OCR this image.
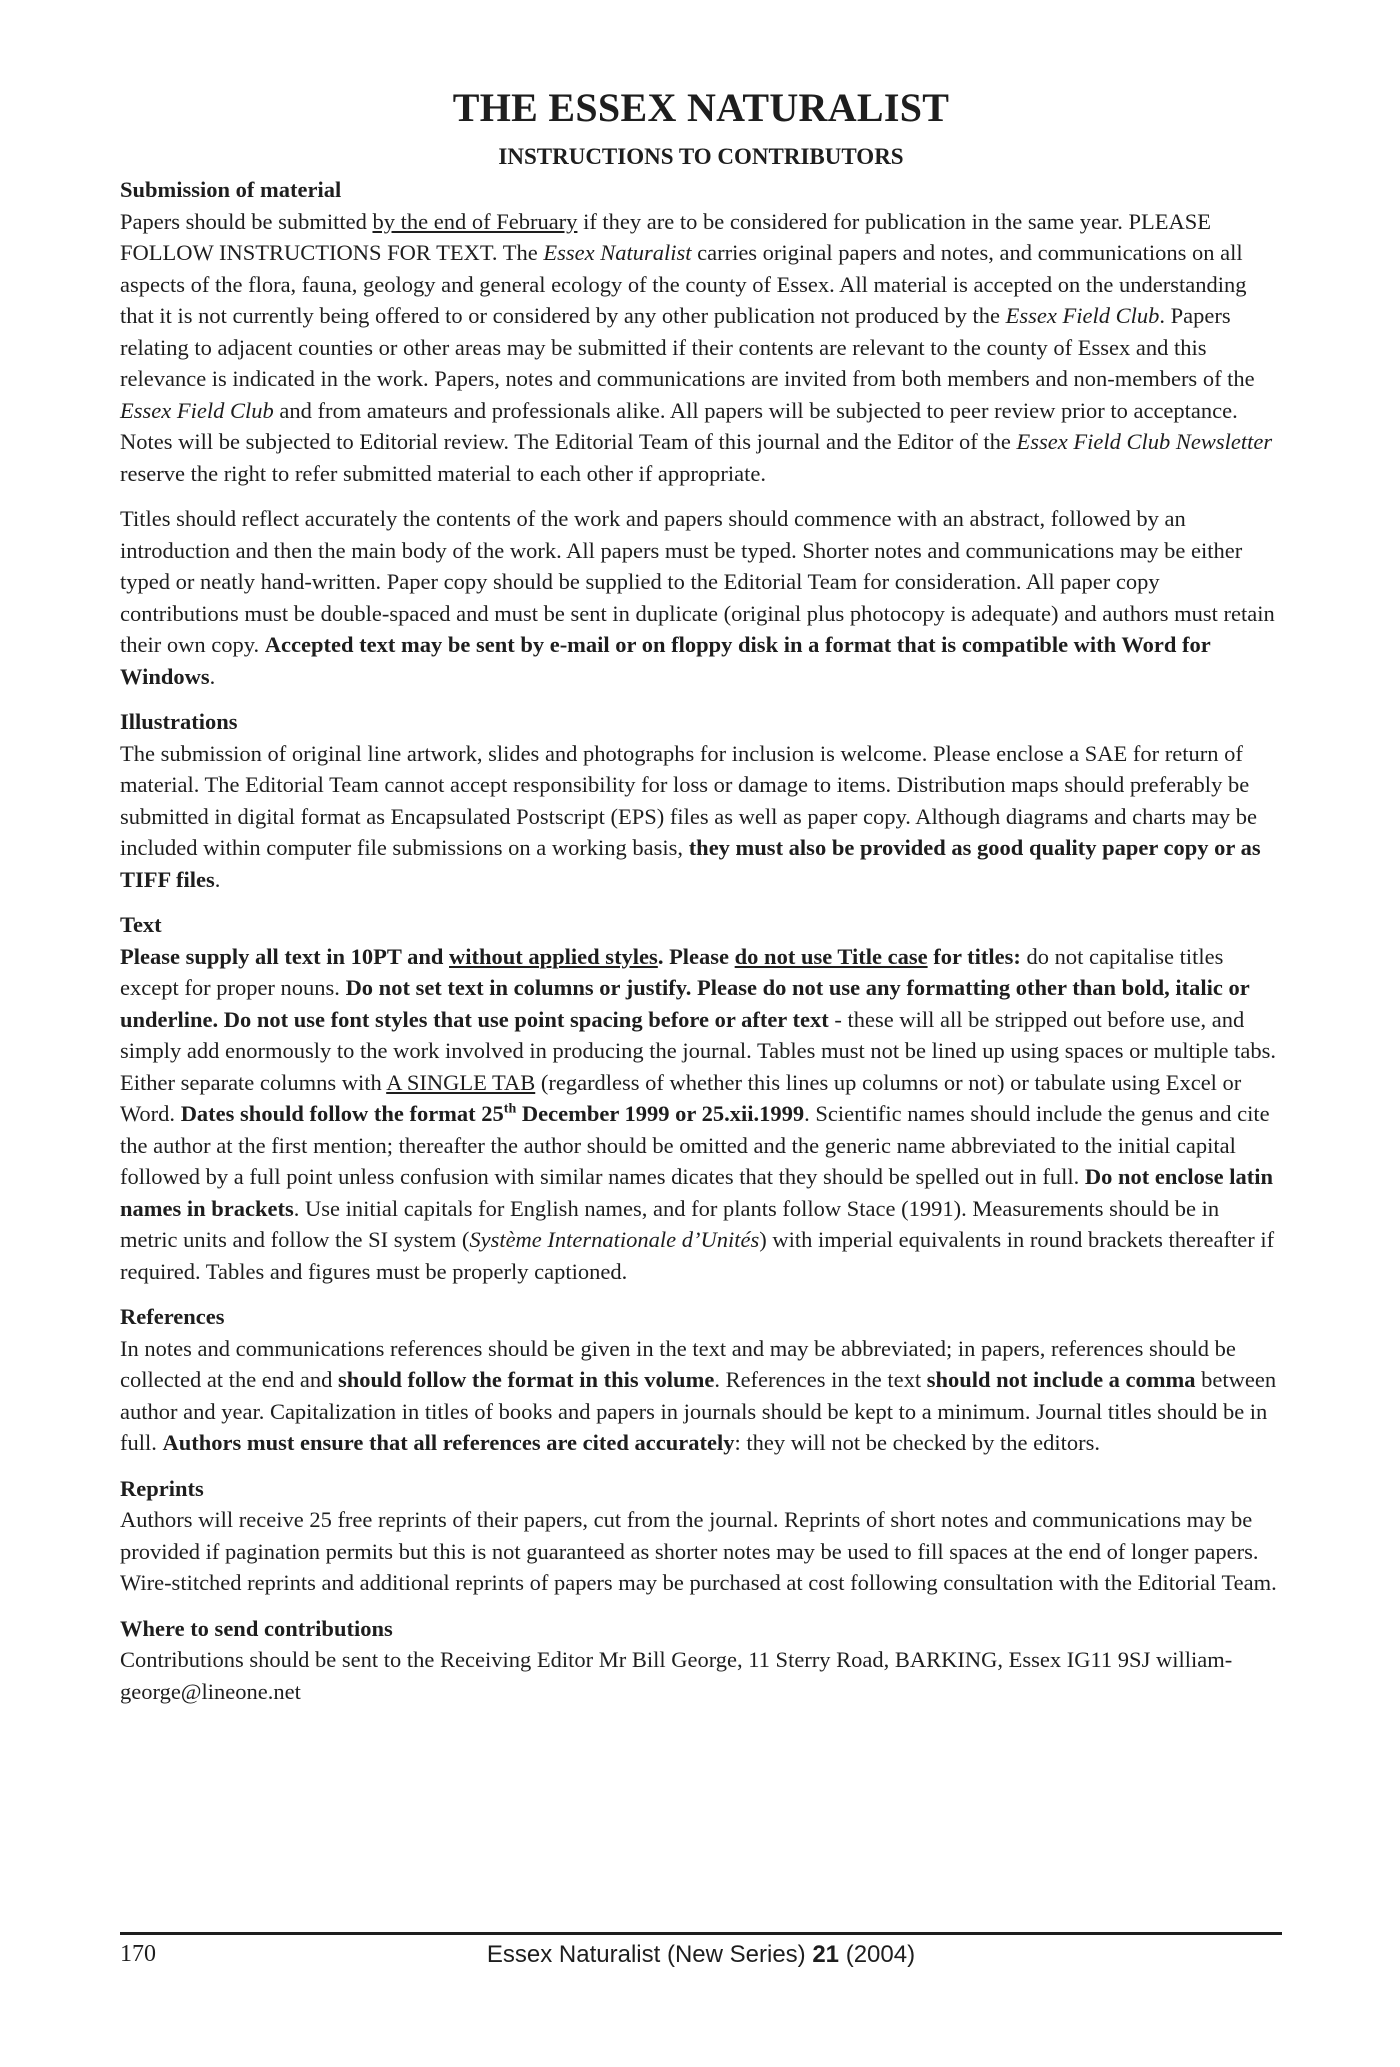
THE ESSEX NATURALIST
INSTRUCTIONS TO CONTRIBUTORS
Submission of material

Papers should be submitted by the end of February if they are to be considered for publication in the same year. PLEASE FOLLOW INSTRUCTIONS FOR TEXT. The Essex Naturalist carries original papers and notes, and communications on all aspects of the flora, fauna, geology and general ecology of the county of Essex. All material is accepted on the understanding that it is not currently being offered to or considered by any other publication not produced by the Essex Field Club. Papers relating to adjacent counties or other areas may be submitted if their contents are relevant to the county of Essex and this relevance is indicated in the work. Papers, notes and communications are invited from both members and non-members of the Essex Field Club and from amateurs and professionals alike. All papers will be subjected to peer review prior to acceptance. Notes will be subjected to Editorial review. The Editorial Team of this journal and the Editor of the Essex Field Club Newsletter reserve the right to refer submitted material to each other if appropriate.

Titles should reflect accurately the contents of the work and papers should commence with an abstract, followed by an introduction and then the main body of the work. All papers must be typed. Shorter notes and communications may be either typed or neatly hand-written. Paper copy should be supplied to the Editorial Team for consideration. All paper copy contributions must be double-spaced and must be sent in duplicate (original plus photocopy is adequate) and authors must retain their own copy. Accepted text may be sent by e-mail or on floppy disk in a format that is compatible with Word for Windows.

Illustrations

The submission of original line artwork, slides and photographs for inclusion is welcome. Please enclose a SAE for return of material. The Editorial Team cannot accept responsibility for loss or damage to items. Distribution maps should preferably be submitted in digital format as Encapsulated Postscript (EPS) files as well as paper copy. Although diagrams and charts may be included within computer file submissions on a working basis, they must also be provided as good quality paper copy or as TIFF files.

Text

Please supply all text in 10PT and without applied styles. Please do not use Title case for titles: do not capitalise titles except for proper nouns. Do not set text in columns or justify. Please do not use any formatting other than bold, italic or underline. Do not use font styles that use point spacing before or after text - these will all be stripped out before use, and simply add enormously to the work involved in producing the journal. Tables must not be lined up using spaces or multiple tabs. Either separate columns with A SINGLE TAB (regardless of whether this lines up columns or not) or tabulate using Excel or Word. Dates should follow the format 25th December 1999 or 25.xii.1999. Scientific names should include the genus and cite the author at the first mention; thereafter the author should be omitted and the generic name abbreviated to the initial capital followed by a full point unless confusion with similar names dicates that they should be spelled out in full. Do not enclose latin names in brackets. Use initial capitals for English names, and for plants follow Stace (1991). Measurements should be in metric units and follow the SI system (Système Internationale d’Unités) with imperial equivalents in round brackets thereafter if required. Tables and figures must be properly captioned.

References

In notes and communications references should be given in the text and may be abbreviated; in papers, references should be collected at the end and should follow the format in this volume. References in the text should not include a comma between author and year. Capitalization in titles of books and papers in journals should be kept to a minimum. Journal titles should be in full. Authors must ensure that all references are cited accurately: they will not be checked by the editors.

Reprints

Authors will receive 25 free reprints of their papers, cut from the journal. Reprints of short notes and communications may be provided if pagination permits but this is not guaranteed as shorter notes may be used to fill spaces at the end of longer papers. Wire-stitched reprints and additional reprints of papers may be purchased at cost following consultation with the Editorial Team.

Where to send contributions

Contributions should be sent to the Receiving Editor Mr Bill George, 11 Sterry Road, BARKING, Essex IG11 9SJ william-george@lineone.net

170	Essex Naturalist (New Series) 21 (2004)
